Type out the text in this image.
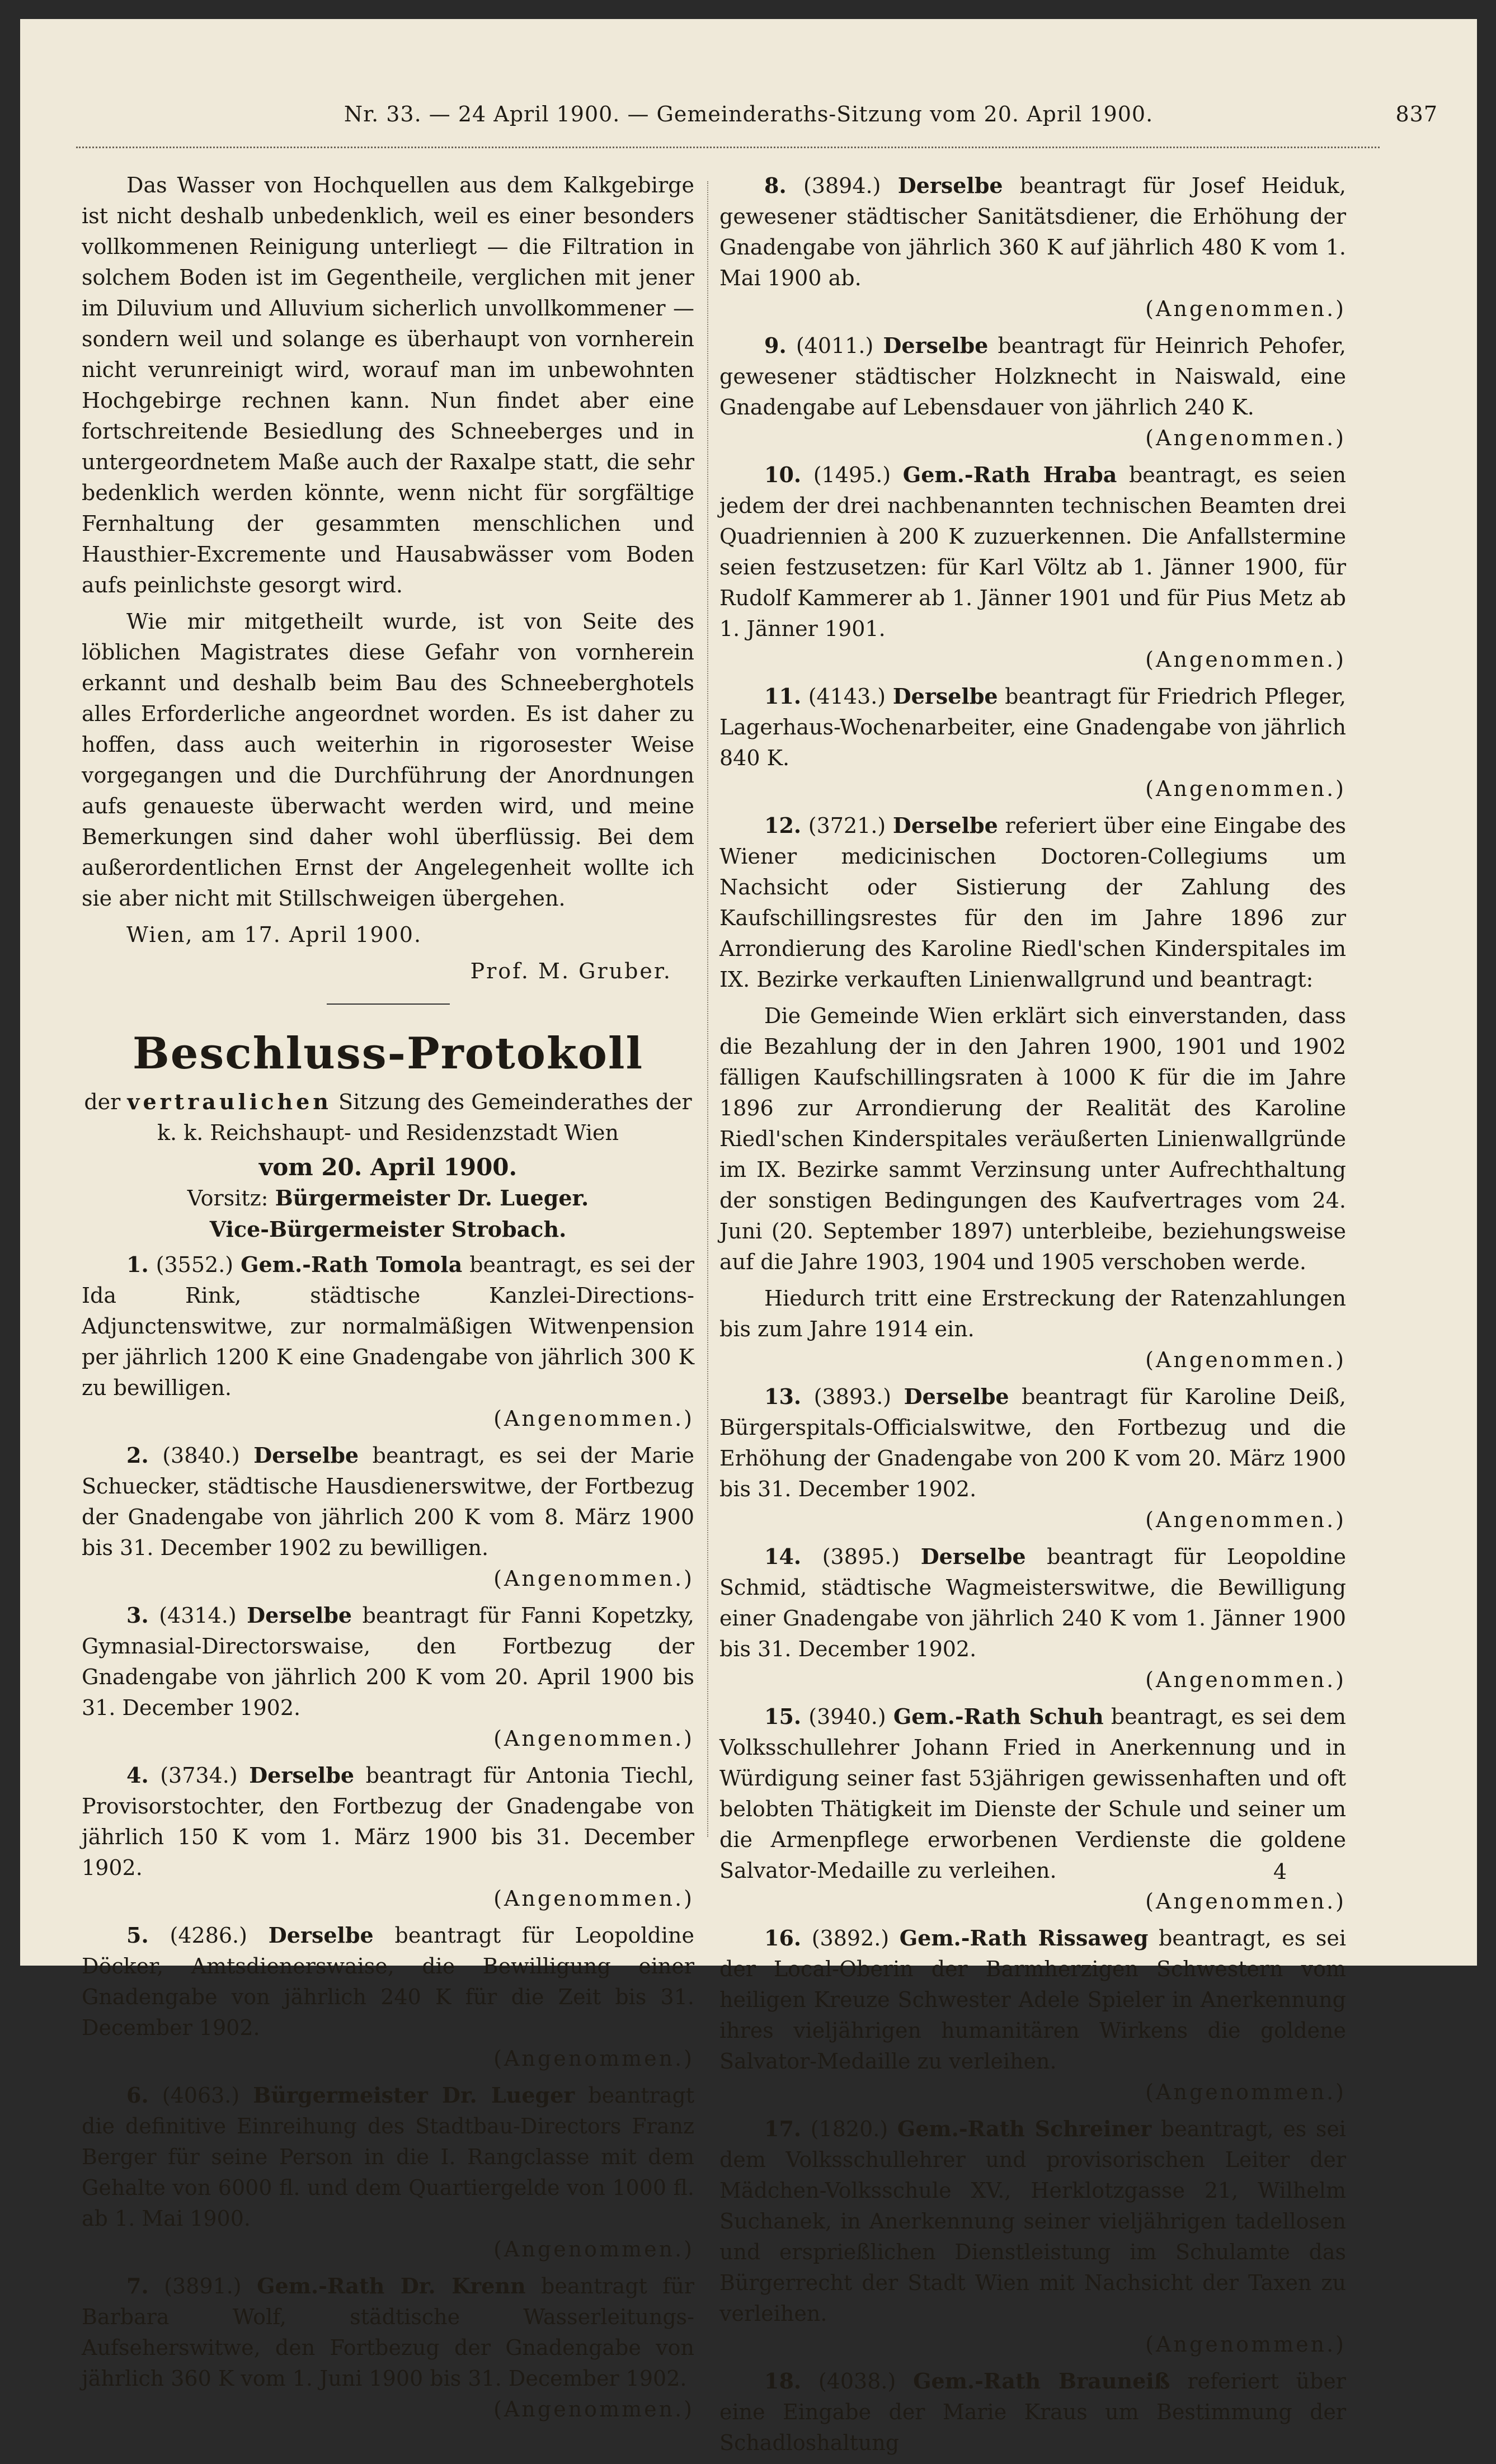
Nr. 33. — 24 April 1900. — Gemeinderaths-Sitzung vom 20. April 1900.	837

Das Wasser von Hochquellen aus dem Kalkgebirge ist nicht deshalb unbedenklich, weil es einer besonders vollkommenen Reinigung unterliegt — die Filtration in solchem Boden ist im Gegentheile, verglichen mit jener im Diluvium und Alluvium sicherlich unvollkommener — sondern weil und solange es überhaupt von vornherein nicht verunreinigt wird, worauf man im unbewohnten Hochgebirge rechnen kann. Nun findet aber eine fortschreitende Besiedlung des Schneeberges und in untergeordnetem Maße auch der Raxalpe statt, die sehr bedenklich werden könnte, wenn nicht für sorgfältige Fernhaltung der gesammten menschlichen und Hausthier-Excremente und Hausabwässer vom Boden aufs peinlichste gesorgt wird.

Wie mir mitgetheilt wurde, ist von Seite des löblichen Magistrates diese Gefahr von vornherein erkannt und deshalb beim Bau des Schneeberghotels alles Erforderliche angeordnet worden. Es ist daher zu hoffen, dass auch weiterhin in rigorosester Weise vorgegangen und die Durchführung der Anordnungen aufs genaueste überwacht werden wird, und meine Bemerkungen sind daher wohl überflüssig. Bei dem außerordentlichen Ernst der Angelegenheit wollte ich sie aber nicht mit Stillschweigen übergehen.

Wien, am 17. April 1900.

Prof. M. Gruber.
Beschluss-Protokoll
der vertraulichen Sitzung des Gemeinderathes der
k. k. Reichshaupt- und Residenzstadt Wien
vom 20. April 1900.
Vorsitz: Bürgermeister Dr. Lueger.
Vice-Bürgermeister Strobach.

1. (3552.) Gem.-Rath Tomola beantragt, es sei der Ida Rink, städtische Kanzlei-Directions-Adjunctenswitwe, zur normalmäßigen Witwenpension per jährlich 1200 K eine Gnadengabe von jährlich 300 K zu bewilligen.

(Angenommen.)

2. (3840.) Derselbe beantragt, es sei der Marie Schuecker, städtische Hausdienerswitwe, der Fortbezug der Gnadengabe von jährlich 200 K vom 8. März 1900 bis 31. December 1902 zu bewilligen.

(Angenommen.)

3. (4314.) Derselbe beantragt für Fanni Kopetzky, Gymnasial-Directorswaise, den Fortbezug der Gnadengabe von jährlich 200 K vom 20. April 1900 bis 31. December 1902.

(Angenommen.)

4. (3734.) Derselbe beantragt für Antonia Tiechl, Provisorstochter, den Fortbezug der Gnadengabe von jährlich 150 K vom 1. März 1900 bis 31. December 1902.

(Angenommen.)

5. (4286.) Derselbe beantragt für Leopoldine Döcker, Amtsdienerswaise, die Bewilligung einer Gnadengabe von jährlich 240 K für die Zeit bis 31. December 1902.

(Angenommen.)

6. (4063.) Bürgermeister Dr. Lueger beantragt die definitive Einreihung des Stadtbau-Directors Franz Berger für seine Person in die I. Rangclasse mit dem Gehalte von 6000 fl. und dem Quartiergelde von 1000 fl. ab 1. Mai 1900.

(Angenommen.)

7. (3891.) Gem.-Rath Dr. Krenn beantragt für Barbara Wolf, städtische Wasserleitungs-Aufseherswitwe, den Fortbezug der Gnadengabe von jährlich 360 K vom 1. Juni 1900 bis 31. December 1902.

(Angenommen.)

8. (3894.) Derselbe beantragt für Josef Heiduk, gewesener städtischer Sanitätsdiener, die Erhöhung der Gnadengabe von jährlich 360 K auf jährlich 480 K vom 1. Mai 1900 ab.

(Angenommen.)

9. (4011.) Derselbe beantragt für Heinrich Pehofer, gewesener städtischer Holzknecht in Naiswald, eine Gnadengabe auf Lebensdauer von jährlich 240 K.

(Angenommen.)

10. (1495.) Gem.-Rath Hraba beantragt, es seien jedem der drei nachbenannten technischen Beamten drei Quadriennien à 200 K zuzuerkennen. Die Anfallstermine seien festzusetzen: für Karl Völtz ab 1. Jänner 1900, für Rudolf Kammerer ab 1. Jänner 1901 und für Pius Metz ab 1. Jänner 1901.

(Angenommen.)

11. (4143.) Derselbe beantragt für Friedrich Pfleger, Lagerhaus-Wochenarbeiter, eine Gnadengabe von jährlich 840 K.

(Angenommen.)

12. (3721.) Derselbe referiert über eine Eingabe des Wiener medicinischen Doctoren-Collegiums um Nachsicht oder Sistierung der Zahlung des Kaufschillingsrestes für den im Jahre 1896 zur Arrondierung des Karoline Riedl'schen Kinderspitales im IX. Bezirke verkauften Linienwallgrund und beantragt:

Die Gemeinde Wien erklärt sich einverstanden, dass die Bezahlung der in den Jahren 1900, 1901 und 1902 fälligen Kaufschillingsraten à 1000 K für die im Jahre 1896 zur Arrondierung der Realität des Karoline Riedl'schen Kinderspitales veräußerten Linienwallgründe im IX. Bezirke sammt Verzinsung unter Aufrechthaltung der sonstigen Bedingungen des Kaufvertrages vom 24. Juni (20. September 1897) unterbleibe, beziehungsweise auf die Jahre 1903, 1904 und 1905 verschoben werde.

Hiedurch tritt eine Erstreckung der Ratenzahlungen bis zum Jahre 1914 ein.

(Angenommen.)

13. (3893.) Derselbe beantragt für Karoline Deiß, Bürgerspitals-Officialswitwe, den Fortbezug und die Erhöhung der Gnadengabe von 200 K vom 20. März 1900 bis 31. December 1902.

(Angenommen.)

14. (3895.) Derselbe beantragt für Leopoldine Schmid, städtische Wagmeisterswitwe, die Bewilligung einer Gnadengabe von jährlich 240 K vom 1. Jänner 1900 bis 31. December 1902.

(Angenommen.)

15. (3940.) Gem.-Rath Schuh beantragt, es sei dem Volksschullehrer Johann Fried in Anerkennung und in Würdigung seiner fast 53jährigen gewissenhaften und oft belobten Thätigkeit im Dienste der Schule und seiner um die Armenpflege erworbenen Verdienste die goldene Salvator-Medaille zu verleihen.

(Angenommen.)

16. (3892.) Gem.-Rath Rissaweg beantragt, es sei der Local-Oberin der Barmherzigen Schwestern vom heiligen Kreuze Schwester Adele Spieler in Anerkennung ihres vieljährigen humanitären Wirkens die goldene Salvator-Medaille zu verleihen.

(Angenommen.)

17. (1820.) Gem.-Rath Schreiner beantragt, es sei dem Volksschullehrer und provisorischen Leiter der Mädchen-Volksschule XV., Herklotzgasse 21, Wilhelm Suchanek, in Anerkennung seiner vieljährigen tadellosen und ersprießlichen Dienstleistung im Schulamte das Bürgerrecht der Stadt Wien mit Nachsicht der Taxen zu verleihen.

(Angenommen.)

18. (4038.) Gem.-Rath Brauneiß referiert über eine Eingabe der Marie Kraus um Bestimmung der Schadloshaltung

4
